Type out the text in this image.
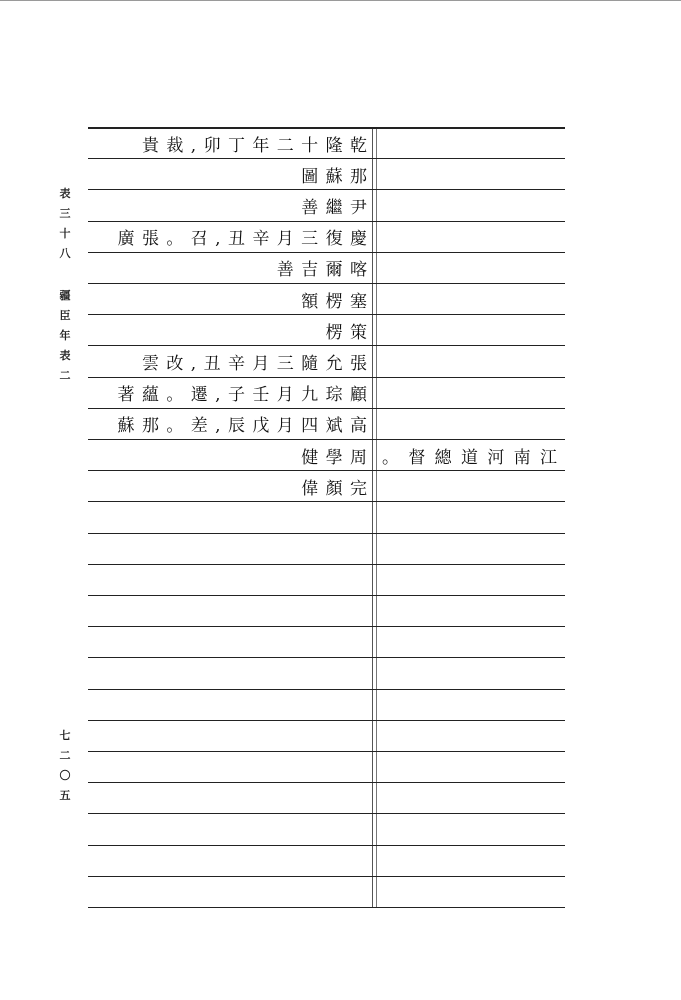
表
三
十
八
疆
臣
年
表
二
七
二
〇
五
貴 裁 , 卯 丁 年 二 十 隆 乾
圖 蘇 那
善 繼 尹
廣 張 。 召 , 丑 辛 月 三 復 慶
善 吉 爾 喀
額 楞 塞
楞 策
雲 改 , 丑 辛 月 三 隨 允 張
著 蘊 。 遷 , 子 壬 月 九 琮 顧
蘇 那 。 差 , 辰 戊 月 四 斌 高
健 學 周
偉 顏 完
。 督 總 道 河 南 江
